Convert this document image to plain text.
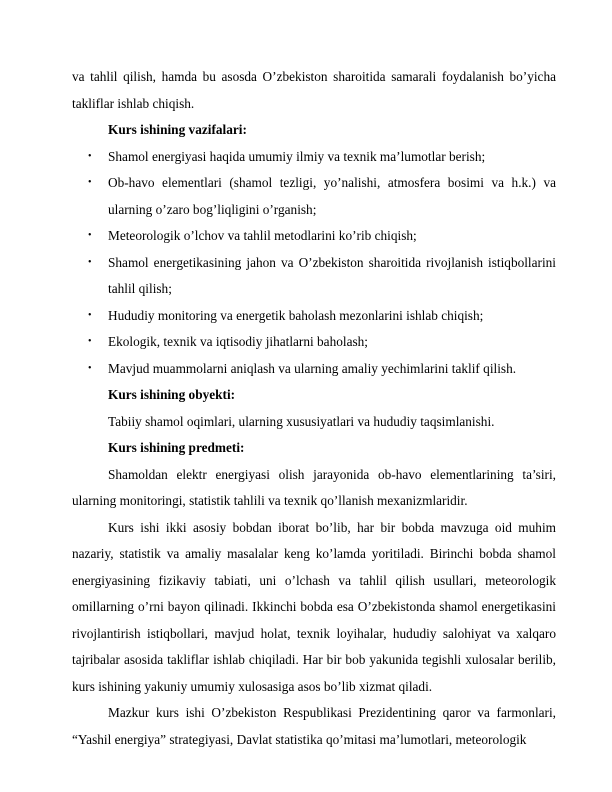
va tahlil qilish, hamda bu asosda O’zbekiston sharoitida samarali foydalanish bo’yicha takliflar ishlab chiqish.

Kurs ishining vazifalari:

• Shamol energiyasi haqida umumiy ilmiy va texnik ma’lumotlar berish;
• Ob-havo elementlari (shamol tezligi, yo’nalishi, atmosfera bosimi va h.k.) va ularning o’zaro bog’liqligini o’rganish;
• Meteorologik o’lchov va tahlil metodlarini ko’rib chiqish;
• Shamol energetikasining jahon va O’zbekiston sharoitida rivojlanish istiqbollarini tahlil qilish;
• Hududiy monitoring va energetik baholash mezonlarini ishlab chiqish;
• Ekologik, texnik va iqtisodiy jihatlarni baholash;
• Mavjud muammolarni aniqlash va ularning amaliy yechimlarini taklif qilish.

Kurs ishining obyekti:

Tabiiy shamol oqimlari, ularning xususiyatlari va hududiy taqsimlanishi.

Kurs ishining predmeti:

Shamoldan elektr energiyasi olish jarayonida ob-havo elementlarining ta’siri, ularning monitoringi, statistik tahlili va texnik qo’llanish mexanizmlaridir.

Kurs ishi ikki asosiy bobdan iborat bo’lib, har bir bobda mavzuga oid muhim nazariy, statistik va amaliy masalalar keng ko’lamda yoritiladi. Birinchi bobda shamol energiyasining fizikaviy tabiati, uni o’lchash va tahlil qilish usullari, meteorologik omillarning o’rni bayon qilinadi. Ikkinchi bobda esa O’zbekistonda shamol energetikasini rivojlantirish istiqbollari, mavjud holat, texnik loyihalar, hududiy salohiyat va xalqaro tajribalar asosida takliflar ishlab chiqiladi. Har bir bob yakunida tegishli xulosalar berilib, kurs ishining yakuniy umumiy xulosasiga asos bo’lib xizmat qiladi.

Mazkur kurs ishi O’zbekiston Respublikasi Prezidentining qaror va farmonlari, “Yashil energiya” strategiyasi, Davlat statistika qo’mitasi ma’lumotlari, meteorologik
